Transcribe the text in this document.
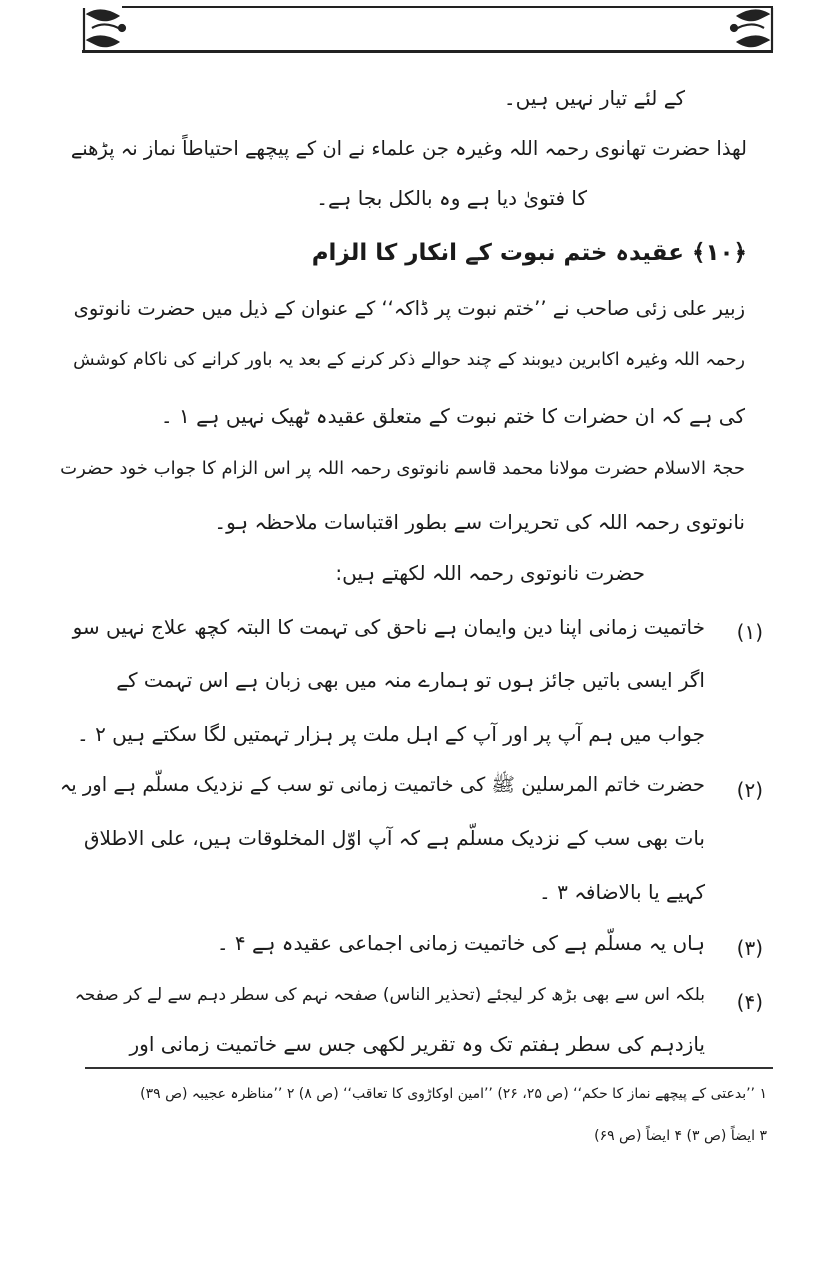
کے لئے تیار نہیں ہیں۔
لھذا حضرت تھانوی رحمہ اللہ وغیرہ جن علماء نے ان کے پیچھے احتیاطاً نماز نہ پڑھنے
کا فتویٰ دیا ہے وہ بالکل بجا ہے۔
﴿۱۰﴾ عقیدہ ختم نبوت کے انکار کا الزام
زبیر علی زئی صاحب نے ’’ختم نبوت پر ڈاکہ‘‘ کے عنوان کے ذیل میں حضرت نانوتوی
رحمہ اللہ وغیرہ اکابرین دیوبند کے چند حوالے ذکر کرنے کے بعد یہ باور کرانے کی ناکام کوشش
کی ہے کہ ان حضرات کا ختم نبوت کے متعلق عقیدہ ٹھیک نہیں ہے ۱ ۔
حجۃ الاسلام حضرت مولانا محمد قاسم نانوتوی رحمہ اللہ پر اس الزام کا جواب خود حضرت
نانوتوی رحمہ اللہ کی تحریرات سے بطور اقتباسات ملاحظہ ہو۔
حضرت نانوتوی رحمہ اللہ لکھتے ہیں:
(۱)
خاتمیت زمانی اپنا دین وایمان ہے ناحق کی تہمت کا البتہ کچھ علاج نہیں سو
اگر ایسی باتیں جائز ہوں تو ہمارے منہ میں بھی زبان ہے اس تہمت کے
جواب میں ہم آپ پر اور آپ کے اہل ملت پر ہزار تہمتیں لگا سکتے ہیں ۲ ۔
(۲)
حضرت خاتم المرسلین ﷺ کی خاتمیت زمانی تو سب کے نزدیک مسلّم ہے اور یہ
بات بھی سب کے نزدیک مسلّم ہے کہ آپ اوّل المخلوقات ہیں، علی الاطلاق
کہیے یا بالاضافہ ۳ ۔
(۳)
ہاں یہ مسلّم ہے کی خاتمیت زمانی اجماعی عقیدہ ہے ۴ ۔
(۴)
بلکہ اس سے بھی بڑھ کر لیجئے (تحذیر الناس) صفحہ نہم کی سطر دہم سے لے کر صفحہ
یازدہم کی سطر ہفتم تک وہ تقریر لکھی جس سے خاتمیت زمانی اور
۱ ’’بدعتی کے پیچھے نماز کا حکم‘‘ (ص ۲۵، ۲۶) ’’امین اوکاڑوی کا تعاقب‘‘ (ص ۸) ۲ ’’مناظرہ عجیبہ (ص ۳۹)
۳ ایضاً (ص ۳) ۴ ایضاً (ص ۶۹)
